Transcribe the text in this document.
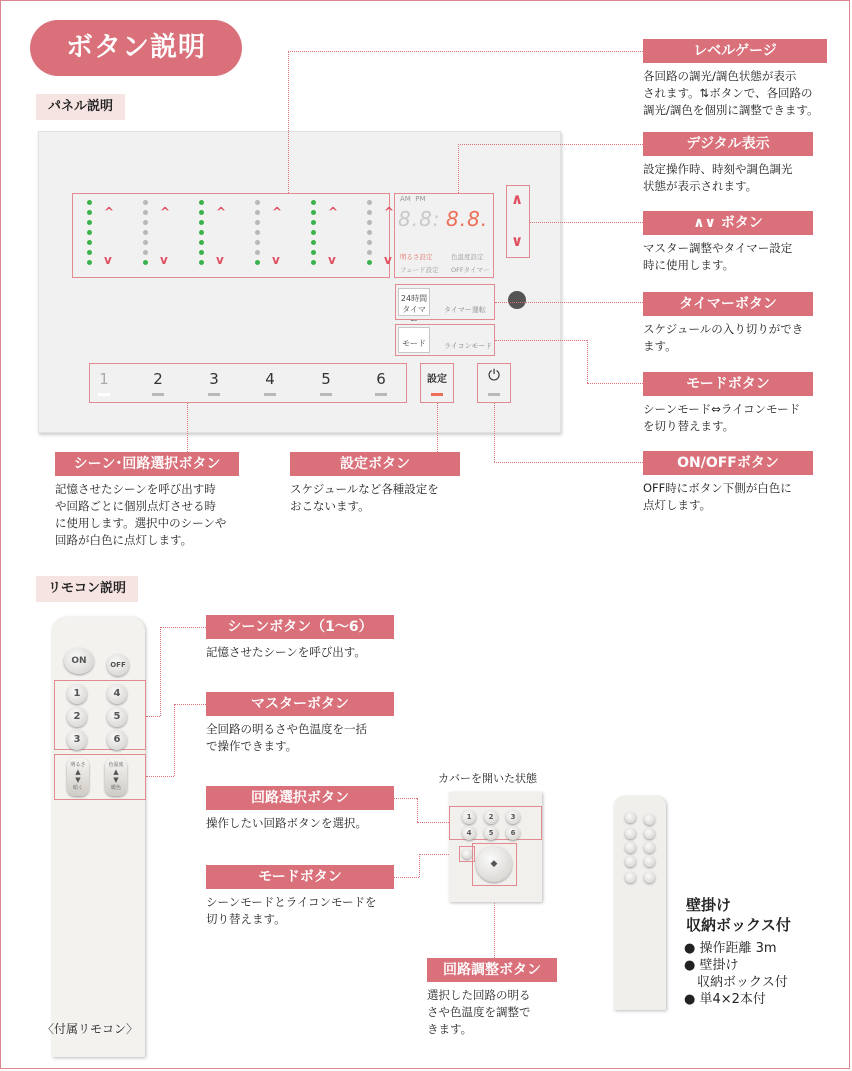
ボタン説明
パネル説明
^
v
^
v
^
v
^
v
^
v
^
v
AM PM
8.8: 8.8.
明るさ設定	色温度設定
フェード設定 OFFタイマー
∧
∨
24時間
タイマー
タイマー運転
モード	ライコンモード
1	2	3	4	5	6	設定	⏻
レベルゲージ
各回路の調光/調色状態が表示
されます。⇅ボタンで、各回路の
調光/調色を個別に調整できます。
デジタル表示
設定操作時、時刻や調色調光
状態が表示されます。
∧∨ ボタン
マスター調整やタイマー設定
時に使用します。
タイマーボタン
スケジュールの入り切りができ
ます。
モードボタン
シーンモード⇔ライコンモード
を切り替えます。
ON/OFFボタン
OFF時にボタン下側が白色に
点灯します。
シーン･回路選択ボタン
記憶させたシーンを呼び出す時
や回路ごとに個別点灯させる時
に使用します。選択中のシーンや
回路が白色に点灯します。
設定ボタン
スケジュールなど各種設定を
おこないます。
リモコン説明
ON	OFF
1	4
2	5
3	6
明るさ
▲
▼
暗く
色温度
▲
▼
暖色
〈付属リモコン〉
シーンボタン（1～6）
記憶させたシーンを呼び出す。
マスターボタン
全回路の明るさや色温度を一括
で操作できます。
回路選択ボタン
操作したい回路ボタンを選択。
モードボタン
シーンモードとライコンモードを
切り替えます。
回路調整ボタン
選択した回路の明る
さや色温度を調整で
きます。
カバーを開いた状態
1	2	3
4	5	6
◆
壁掛け
収納ボックス付
● 操作距離 3m
● 壁掛け
　収納ボックス付
● 単4×2本付
